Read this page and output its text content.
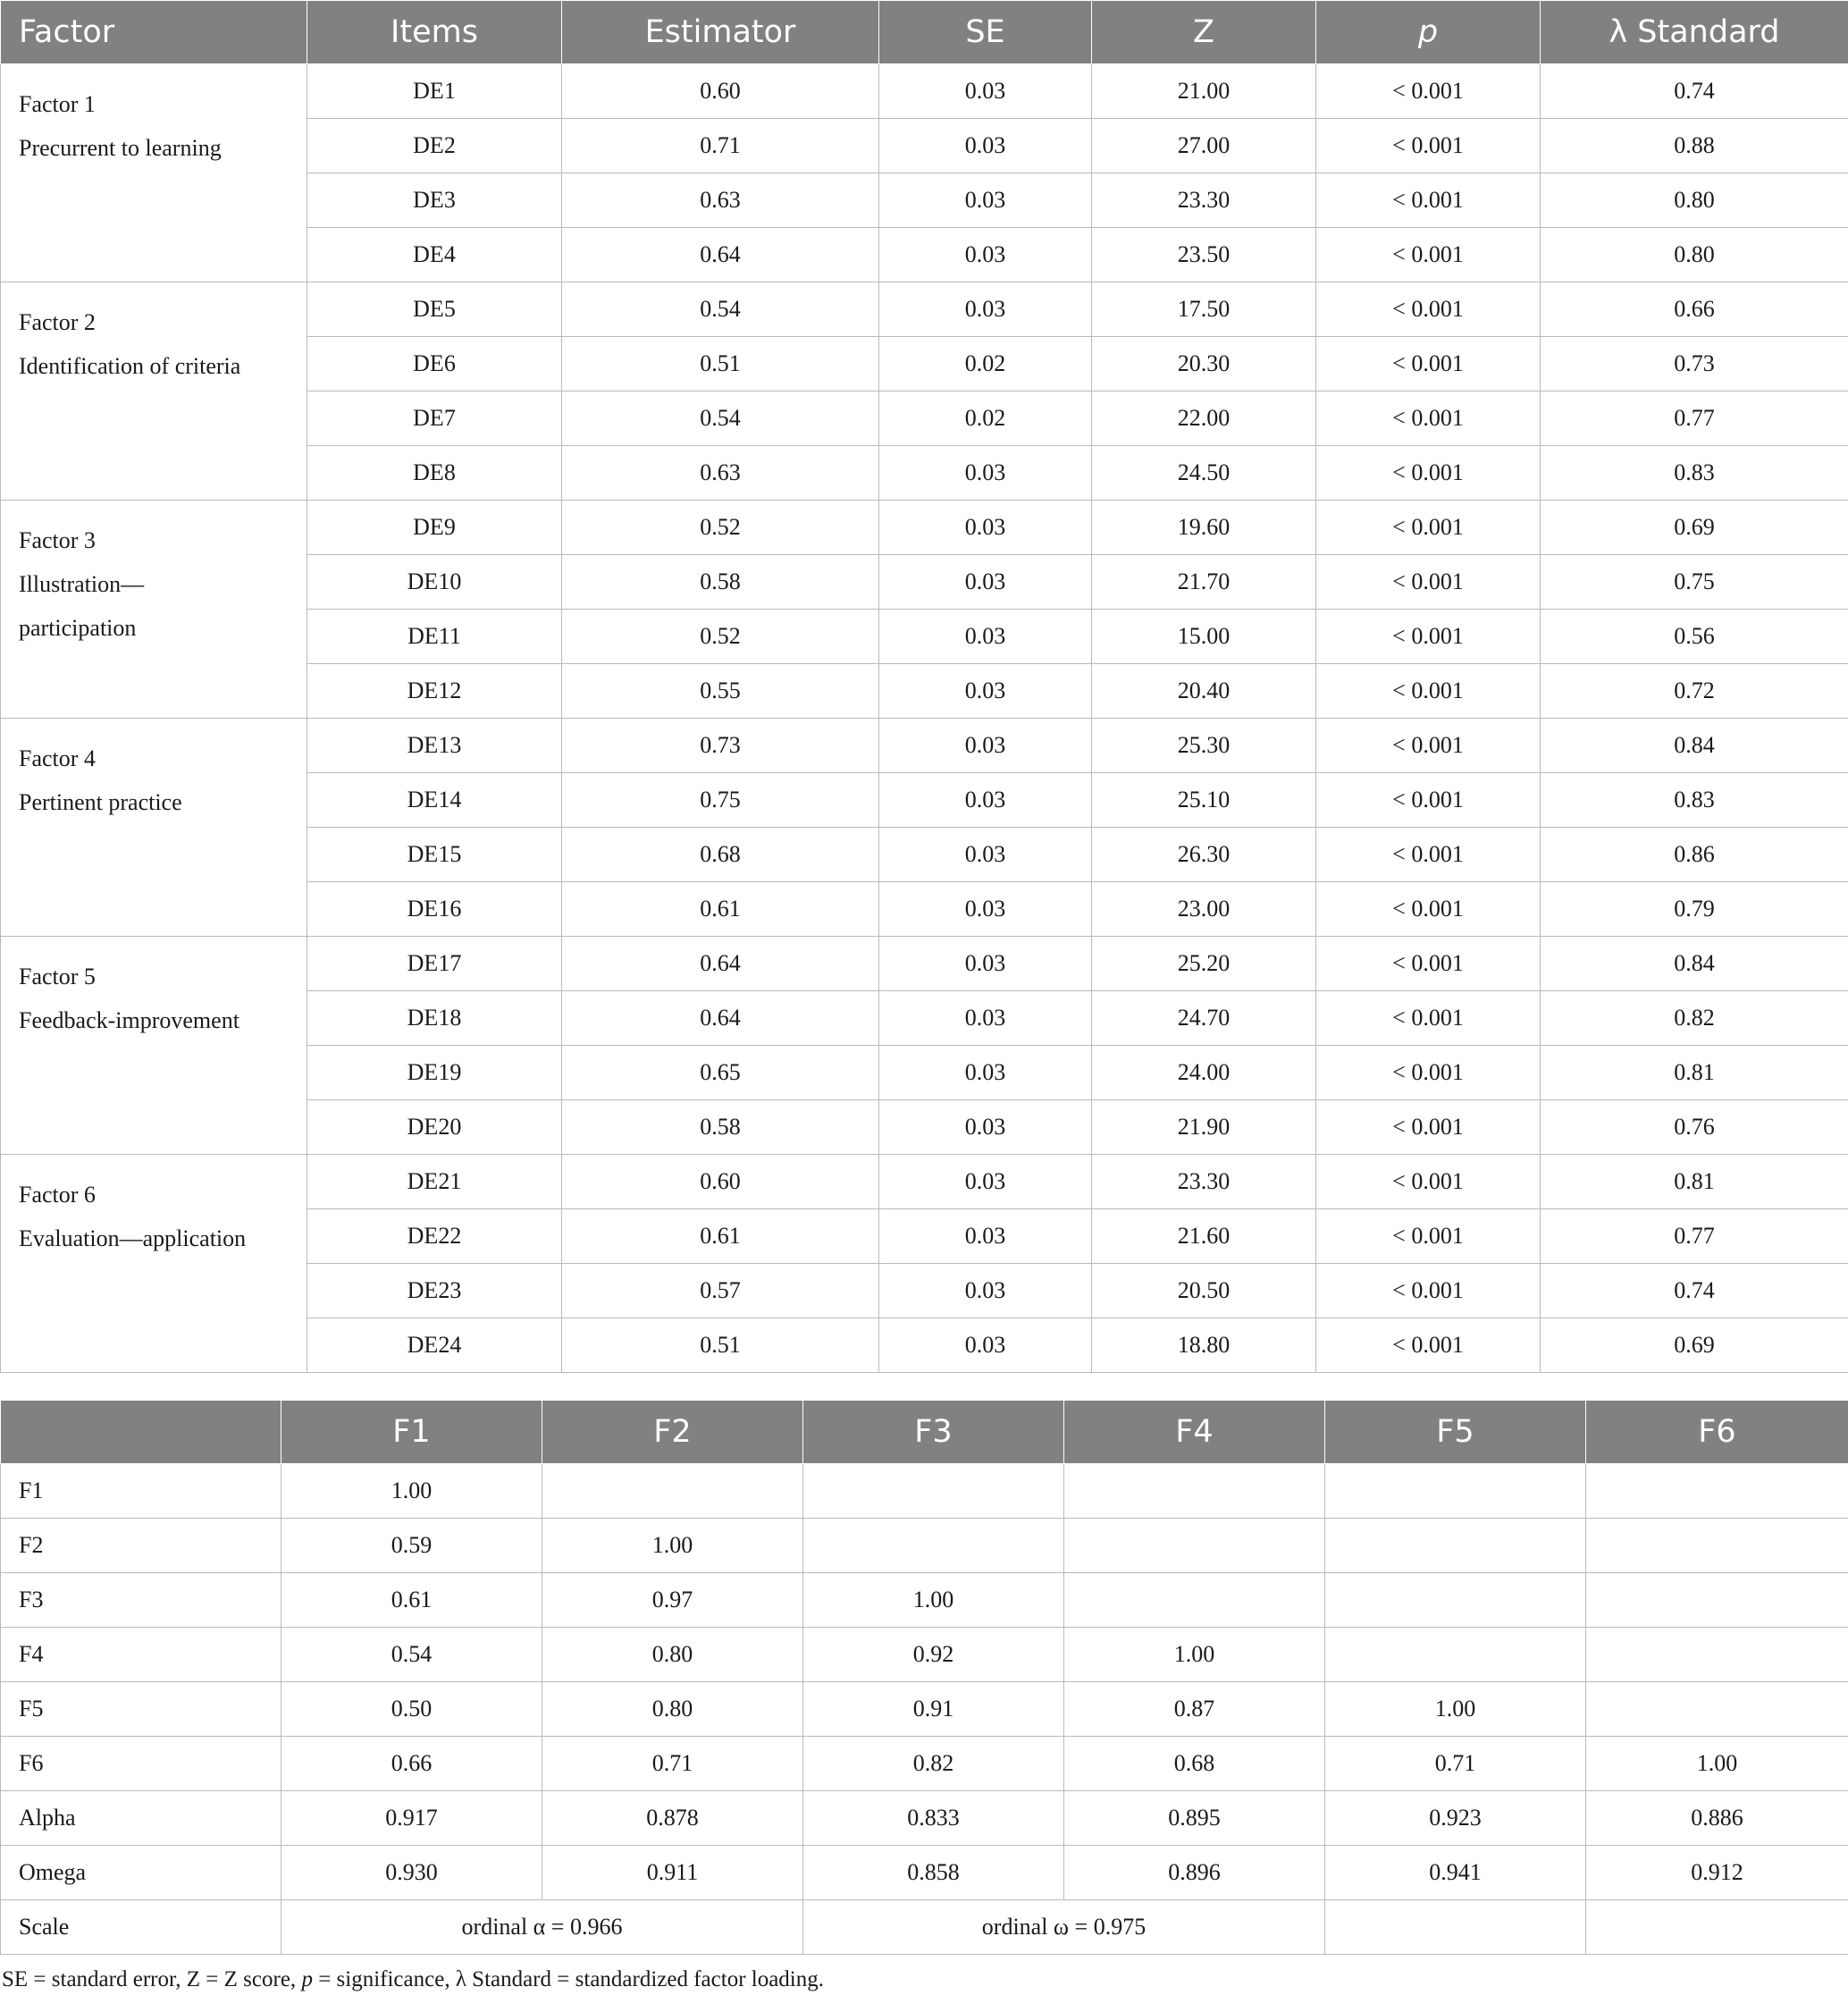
Factor	Items	Estimator	SE	Z	p	λ Standard

Factor 1
Precurrent to learning	DE1	0.60	0.03	21.00	< 0.001	0.74
	DE2	0.71	0.03	27.00	< 0.001	0.88
	DE3	0.63	0.03	23.30	< 0.001	0.80
	DE4	0.64	0.03	23.50	< 0.001	0.80

Factor 2
Identification of criteria	DE5	0.54	0.03	17.50	< 0.001	0.66
	DE6	0.51	0.02	20.30	< 0.001	0.73
	DE7	0.54	0.02	22.00	< 0.001	0.77
	DE8	0.63	0.03	24.50	< 0.001	0.83

Factor 3
Illustration—
participation	DE9	0.52	0.03	19.60	< 0.001	0.69
	DE10	0.58	0.03	21.70	< 0.001	0.75
	DE11	0.52	0.03	15.00	< 0.001	0.56
	DE12	0.55	0.03	20.40	< 0.001	0.72

Factor 4
Pertinent practice	DE13	0.73	0.03	25.30	< 0.001	0.84
	DE14	0.75	0.03	25.10	< 0.001	0.83
	DE15	0.68	0.03	26.30	< 0.001	0.86
	DE16	0.61	0.03	23.00	< 0.001	0.79

Factor 5
Feedback-improvement	DE17	0.64	0.03	25.20	< 0.001	0.84
	DE18	0.64	0.03	24.70	< 0.001	0.82
	DE19	0.65	0.03	24.00	< 0.001	0.81
	DE20	0.58	0.03	21.90	< 0.001	0.76

Factor 6
Evaluation—application	DE21	0.60	0.03	23.30	< 0.001	0.81
	DE22	0.61	0.03	21.60	< 0.001	0.77
	DE23	0.57	0.03	20.50	< 0.001	0.74
	DE24	0.51	0.03	18.80	< 0.001	0.69
	F1	F2	F3	F4	F5	F6
F1	1.00					
F2	0.59	1.00				
F3	0.61	0.97	1.00			
F4	0.54	0.80	0.92	1.00		
F5	0.50	0.80	0.91	0.87	1.00	
F6	0.66	0.71	0.82	0.68	0.71	1.00
Alpha	0.917	0.878	0.833	0.895	0.923	0.886
Omega	0.930	0.911	0.858	0.896	0.941	0.912
Scale	ordinal α = 0.966		ordinal ω = 0.975			
SE = standard error, Z = Z score, p = significance, λ Standard = standardized factor loading.
